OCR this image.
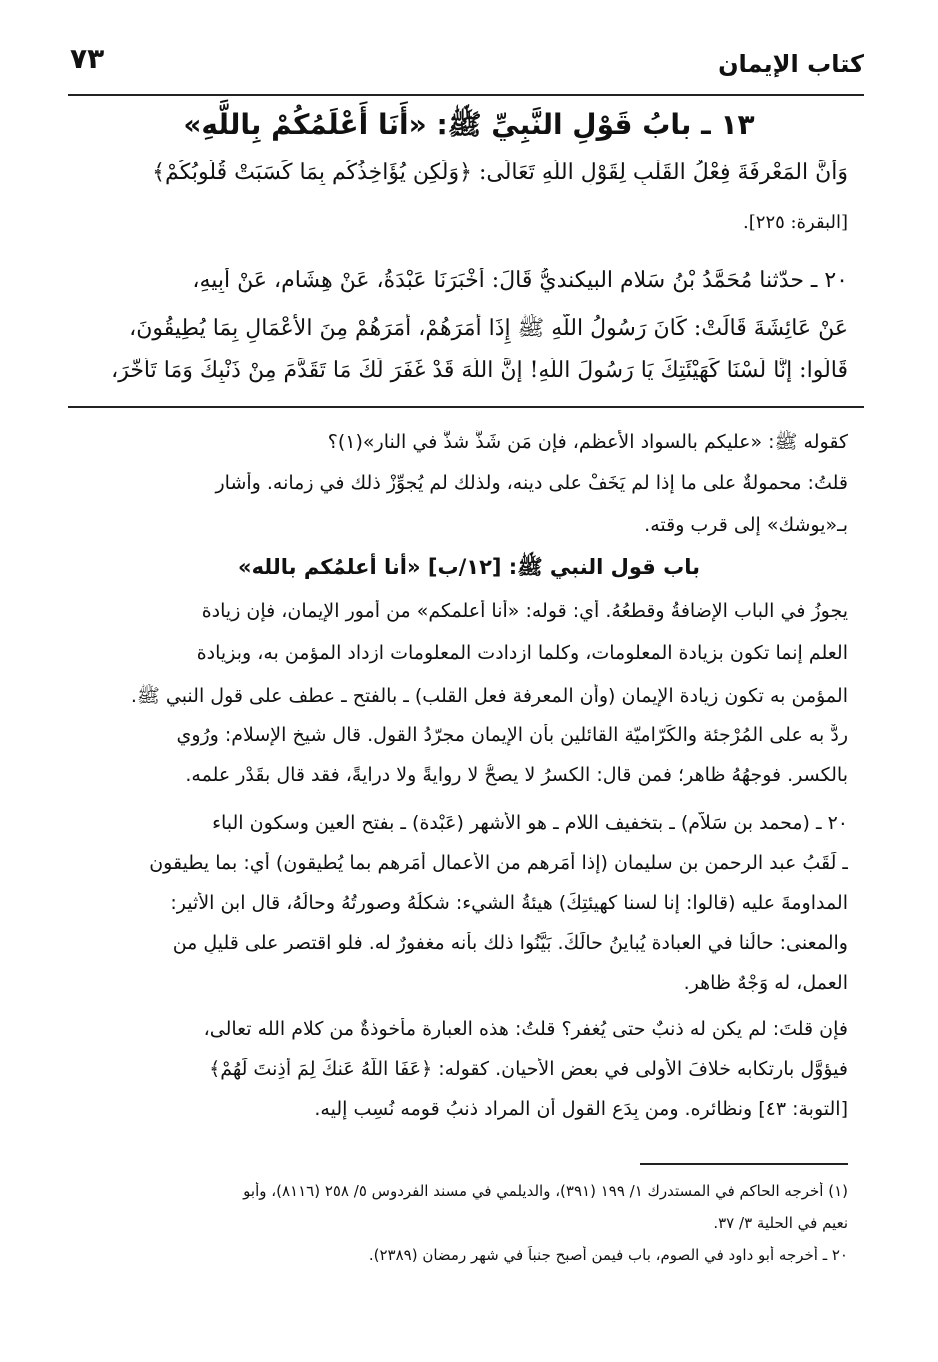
٧٣	كتاب الإيمان
١٣ ـ بابُ قَوْلِ النَّبِيِّ ﷺ: «أَنَا أَعْلَمُكُمْ بِاللَّهِ»
وَأَنَّ المَعْرِفَةَ فِعْلُ القَلْبِ لِقَوْلِ اللَّهِ تَعَالَى: ﴿وَلَكِن يُؤَاخِذُكُم بِمَا كَسَبَتْ قُلُوبُكُمْ﴾
[البقرة: ٢٢٥].
٢٠ ـ حدّثنا مُحَمَّدُ بْنُ سَلام البيكنديُّ قَالَ: أَخْبَرَنَا عَبْدَةُ، عَنْ هِشَامٍ، عَنْ أَبِيهِ،
عَنْ عَائِشَةَ قَالَتْ: كَانَ رَسُولُ اللَّهِ ﷺ إِذَا أَمَرَهُمْ، أَمَرَهُمْ مِنَ الأَعْمَالِ بِمَا يُطِيقُونَ،
قَالُوا: إِنَّا لَسْنَا كَهَيْئَتِكَ يَا رَسُولَ اللَّهِ! إِنَّ اللَّهَ قَدْ غَفَرَ لَكَ مَا تَقَدَّمَ مِنْ ذَنْبِكَ وَمَا تَأَخَّرَ،
كقوله ﷺ: «عليكم بالسواد الأعظم، فإن مَن شَذَّ شذَّ في النار»(١)؟
قلتُ: محمولةٌ على ما إذا لم يَخَفْ على دينه، ولذلك لم يُجوِّزْ ذلك في زمانه. وأشار
بـ«يوشك» إلى قرب وقته.
باب قول النبي ﷺ: [١٢/ب] «أنا أعلمُكم بالله»
يجوزُ في الباب الإضافةُ وقطعُهُ. أي: قوله: «أنا أعلمكم» من أمور الإيمان، فإن زيادة
العلم إنما تكون بزيادة المعلومات، وكلما ازدادت المعلومات ازداد المؤمن به، وبزيادة
المؤمن به تكون زيادة الإيمان (وأن المعرفة فعل القلب) ـ بالفتح ـ عطف على قول النبي ﷺ.
ردٌّ به على المُرْجئة والكَرّاميّة القائلين بأن الإيمان مجرّدُ القول. قال شيخ الإسلام: ورُوي
بالكسر. فوجهُهُ ظاهر؛ فمن قال: الكسرُ لا يصحُّ لا روايةً ولا درايةً، فقد قال بقَدْرِ علمه.
٢٠ ـ (محمد بن سَلاّم) ـ بتخفيف اللام ـ هو الأشهر (عَبْدة) ـ بفتح العين وسكون الباء
ـ لَقَبُ عبد الرحمن بن سليمان (إذا أَمَرهم من الأعمال أَمَرهم بما يُطيقون) أي: بما يطيقون
المداومةَ عليه (قالوا: إنا لسنا كهيئتِكَ) هيئةُ الشيء: شكلُهُ وصورتُهُ وحالُهُ، قال ابن الأثير:
والمعنى: حالُنا في العبادة يُباينُ حالَكَ. بَيَّنُوا ذلك بأنه مغفورٌ له. فلو اقتصر على قليلٍ من
العمل، له وَجْهٌ ظاهر.
فإن قلتَ: لم يكن له ذنبٌ حتى يُغفر؟ قلتُ: هذه العبارة مأخوذةٌ من كلام الله تعالى،
فيؤوَّل بارتكابه خلافَ الأولى في بعض الأحيان. كقوله: ﴿عَفَا اللَّهُ عَنكَ لِمَ أَذِنتَ لَهُمْ﴾
[التوبة: ٤٣] ونظائره. ومن بِدَعِ القول أن المراد ذنبُ قومه نُسِب إليه.
(١) أخرجه الحاكم في المستدرك ١/ ١٩٩ (٣٩١)، والديلمي في مسند الفردوس ٥/ ٢٥٨ (٨١١٦)، وأبو
نعيم في الحلية ٣/ ٣٧.
٢٠ ـ أخرجه أبو داود في الصوم، باب فيمن أصبح جنباً في شهر رمضان (٢٣٨٩).
